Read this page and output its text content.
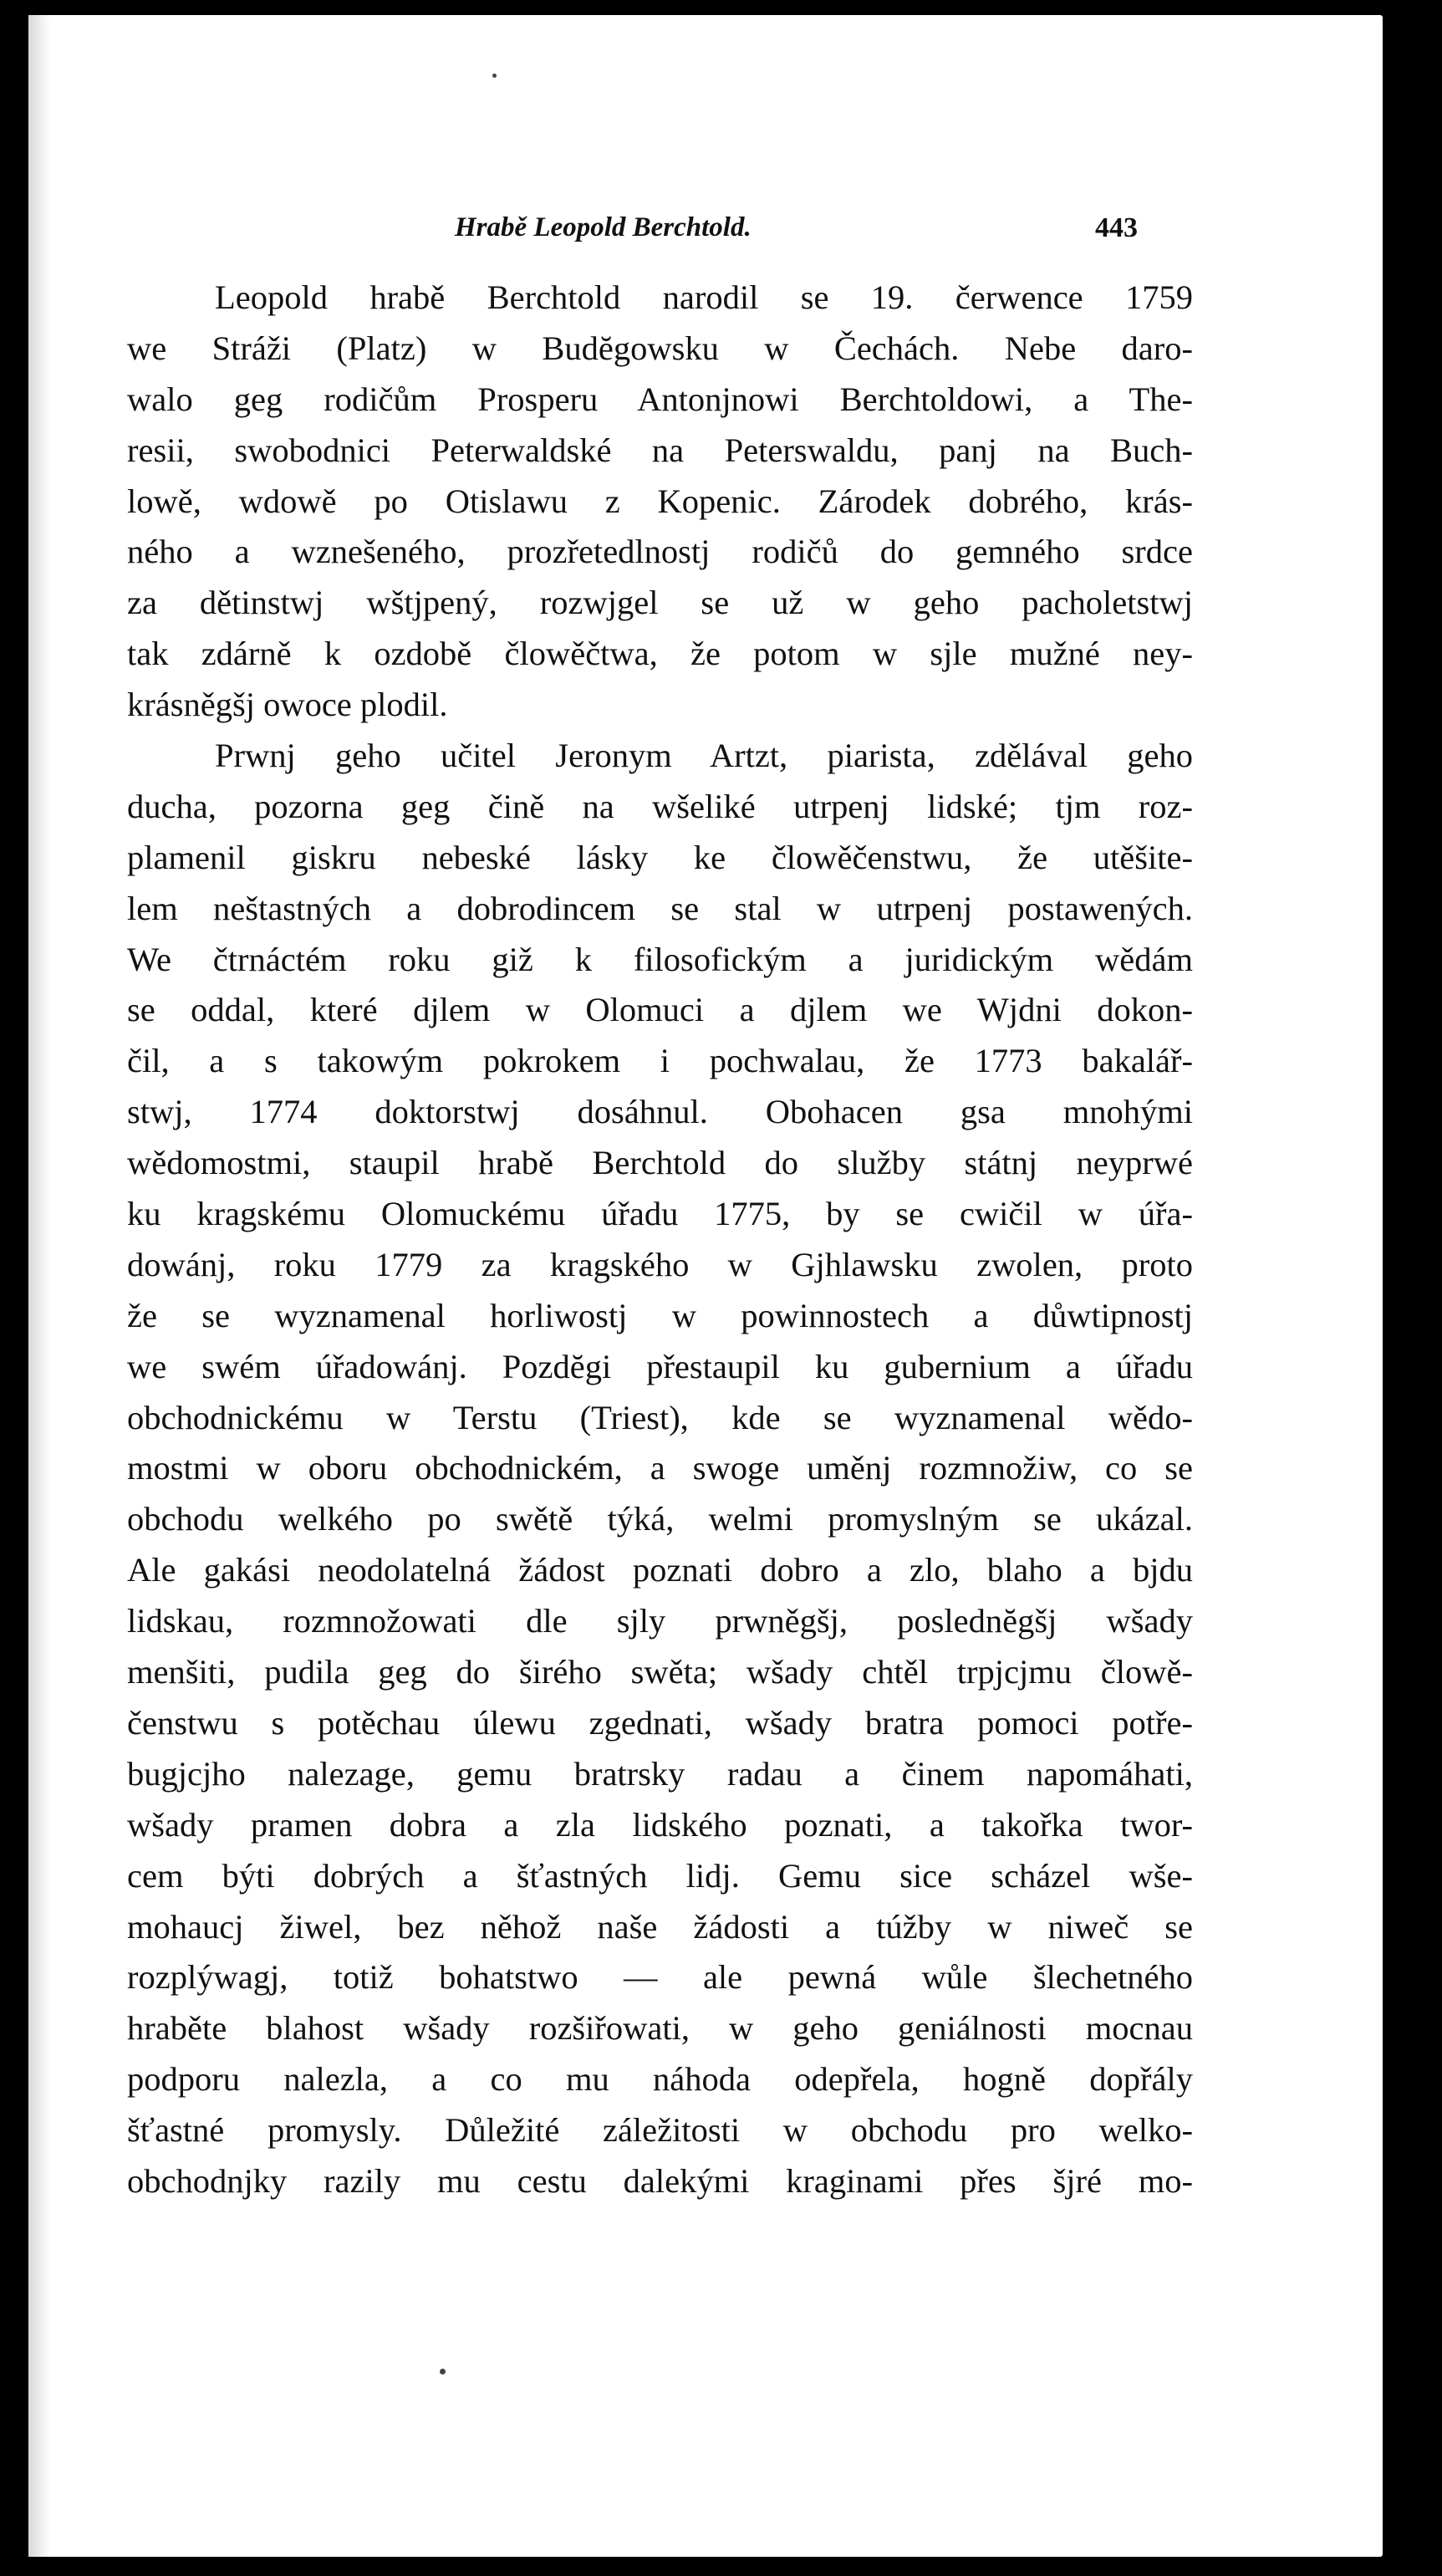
Hrabě Leopold Berchtold.	443
Leopold hrabě Berchtold narodil se 19. čerwence 1759
we Stráži (Platz) w Budĕgowsku w Čechách. Nebe daro-
walo geg rodičům Prosperu Antonjnowi Berchtoldowi, a The-
resii, swobodnici Peterwaldské na Peterswaldu, panj na Buch-
lowě, wdowě po Otislawu z Kopenic. Zárodek dobrého, krás-
ného a wznešeného, prozřetedlnostj rodičů do gemného srdce
za dětinstwj wštjpený, rozwjgel se už w geho pacholetstwj
tak zdárně k ozdobě člowěčtwa, že potom w sjle mužné ney-
krásněgšj owoce plodil.
Prwnj geho učitel Jeronym Artzt, piarista, zdělával geho
ducha, pozorna geg čině na wšeliké utrpenj lidské; tjm roz-
plamenil giskru nebeské lásky ke člowěčenstwu, že utěšite-
lem neštastných a dobrodincem se stal w utrpenj postawených.
We čtrnáctém roku giž k filosofickým a juridickým wědám
se oddal, které djlem w Olomuci a djlem we Wjdni dokon-
čil, a s takowým pokrokem i pochwalau, že 1773 bakalář-
stwj, 1774 doktorstwj dosáhnul. Obohacen gsa mnohými
wědomostmi, staupil hrabě Berchtold do služby státnj neyprwé
ku kragskému Olomuckému úřadu 1775, by se cwičil w úřa-
dowánj, roku 1779 za kragského w Gjhlawsku zwolen, proto
že se wyznamenal horliwostj w powinnostech a důwtipnostj
we swém úřadowánj. Pozdĕgi přestaupil ku gubernium a úřadu
obchodnickému w Terstu (Triest), kde se wyznamenal wědo-
mostmi w oboru obchodnickém, a swoge uměnj rozmnožiw, co se
obchodu welkého po swětě týká, welmi promyslným se ukázal.
Ale gakási neodolatelná žádost poznati dobro a zlo, blaho a bjdu
lidskau, rozmnožowati dle sjly prwněgšj, poslednĕgšj wšady
menšiti, pudila geg do širého swěta; wšady chtěl trpjcjmu člowě-
čenstwu s potěchau úlewu zgednati, wšady bratra pomoci potře-
bugjcjho nalezage, gemu bratrsky radau a činem napomáhati,
wšady pramen dobra a zla lidského poznati, a takořka twor-
cem býti dobrých a šťastných lidj. Gemu sice scházel wše-
mohaucj žiwel, bez něhož naše žádosti a túžby w niweč se
rozplýwagj, totiž bohatstwo — ale pewná wůle šlechetného
hraběte blahost wšady rozšiřowati, w geho geniálnosti mocnau
podporu nalezla, a co mu náhoda odepřela, hogně dopřály
šťastné promysly. Důležité záležitosti w obchodu pro welko-
obchodnjky razily mu cestu dalekými kraginami přes šjré mo-
